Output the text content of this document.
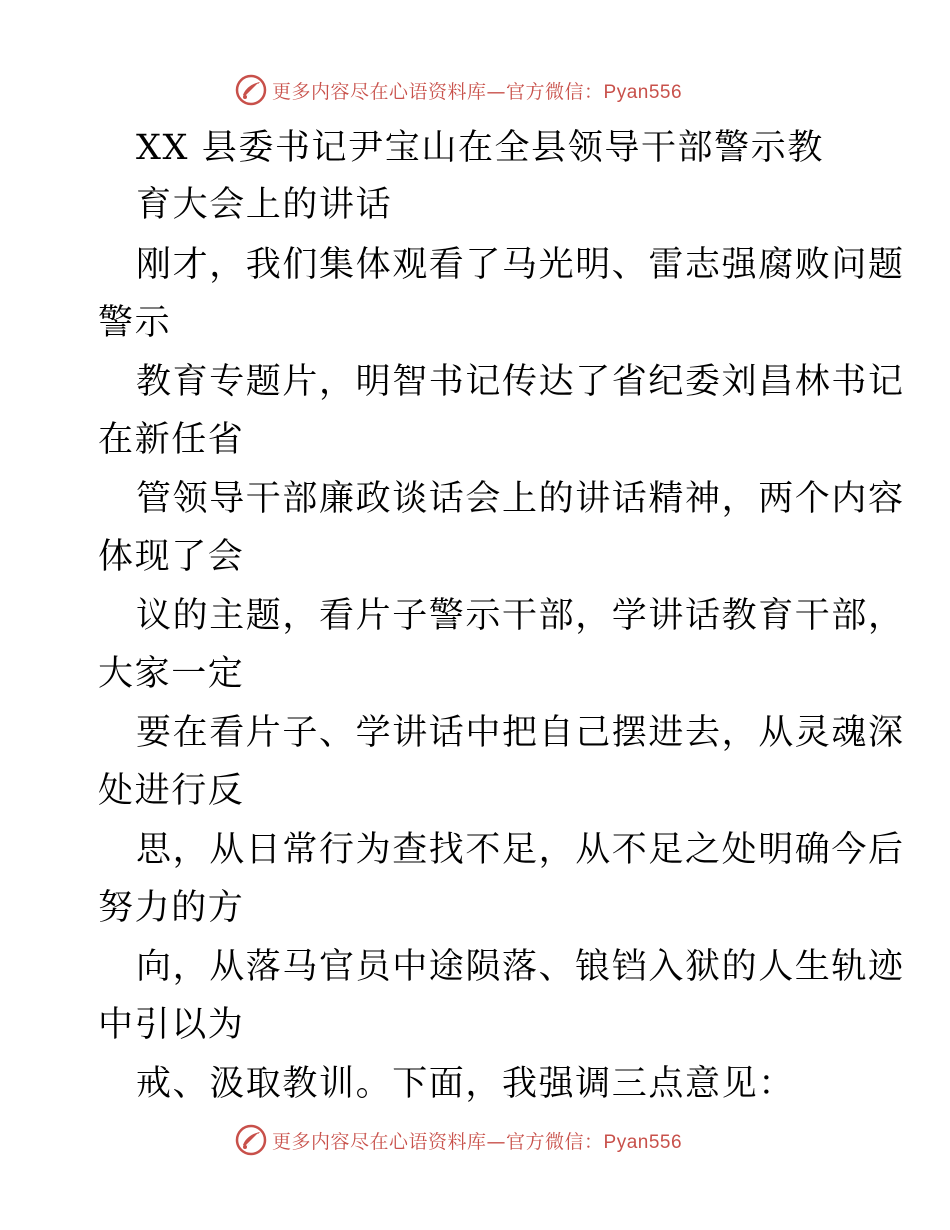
更多内容尽在心语资料库—官方微信：Pyan556
XX 县委书记尹宝山在全县领导干部警示教
育大会上的讲话
刚才，我们集体观看了马光明、雷志强腐败问题
警示
教育专题片，明智书记传达了省纪委刘昌林书记
在新任省
管领导干部廉政谈话会上的讲话精神，两个内容
体现了会
议的主题，看片子警示干部，学讲话教育干部，
大家一定
要在看片子、学讲话中把自己摆进去，从灵魂深
处进行反
思，从日常行为查找不足，从不足之处明确今后
努力的方
向，从落马官员中途陨落、锒铛入狱的人生轨迹
中引以为
戒、汲取教训。下面，我强调三点意见：
更多内容尽在心语资料库—官方微信：Pyan556
